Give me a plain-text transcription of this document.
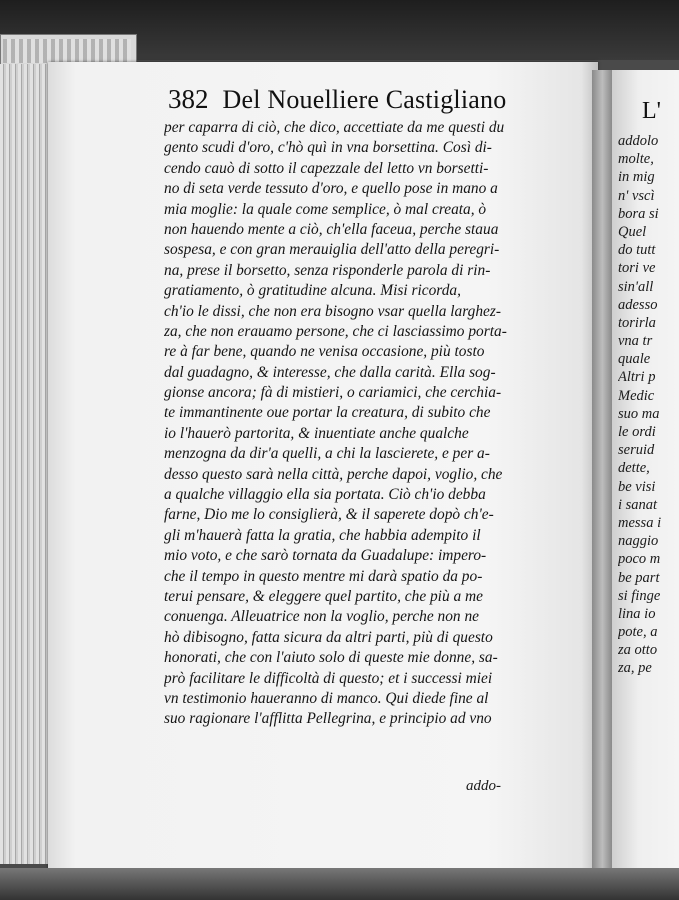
L'
addolo
molte,
in mig
n' vscì
bora si
Quel
do tutt
tori ve
sin'all
adesso
torirla
vna tr
quale
Altri p
Medic
suo ma
le ordi
seruid
dette,
be visi
i sanat
messa i
naggio
poco m
be part
si finge
lina io
pote, a
za otto
za, pe
382 Del Nouelliere Castigliano
per caparra di ciò, che dico, accettiate da me questi du
gento scudi d'oro, c'hò quì in vna borsettina. Così di-
cendo cauò di sotto il capezzale del letto vn borsetti-
no di seta verde tessuto d'oro, e quello pose in mano a
mia moglie: la quale come semplice, ò mal creata, ò
non hauendo mente a ciò, ch'ella faceua, perche staua
sospesa, e con gran merauiglia dell'atto della peregri-
na, prese il borsetto, senza risponderle parola di rin-
gratiamento, ò gratitudine alcuna. Misi ricorda,
ch'io le dissi, che non era bisogno vsar quella larghez-
za, che non erauamo persone, che ci lasciassimo porta-
re à far bene, quando ne venisa occasione, più tosto
dal guadagno, & interesse, che dalla carità. Ella sog-
gionse ancora; fà di mistieri, o cariamici, che cerchia-
te immantinente oue portar la creatura, di subito che
io l'hauerò partorita, & inuentiate anche qualche
menzogna da dir'a quelli, a chi la lascierete, e per a-
desso questo sarà nella città, perche dapoi, voglio, che
a qualche villaggio ella sia portata. Ciò ch'io debba
farne, Dio me lo consiglierà, & il saperete dopò ch'e-
gli m'hauerà fatta la gratia, che habbia adempito il
mio voto, e che sarò tornata da Guadalupe: impero-
che il tempo in questo mentre mi darà spatio da po-
terui pensare, & eleggere quel partito, che più a me
conuenga. Alleuatrice non la voglio, perche non ne
hò dibisogno, fatta sicura da altri parti, più di questo
honorati, che con l'aiuto solo di queste mie donne, sa-
prò facilitare le difficoltà di questo; et i successi miei
vn testimonio haueranno di manco. Qui diede fine al
suo ragionare l'afflitta Pellegrina, e principio ad vno
addo-
